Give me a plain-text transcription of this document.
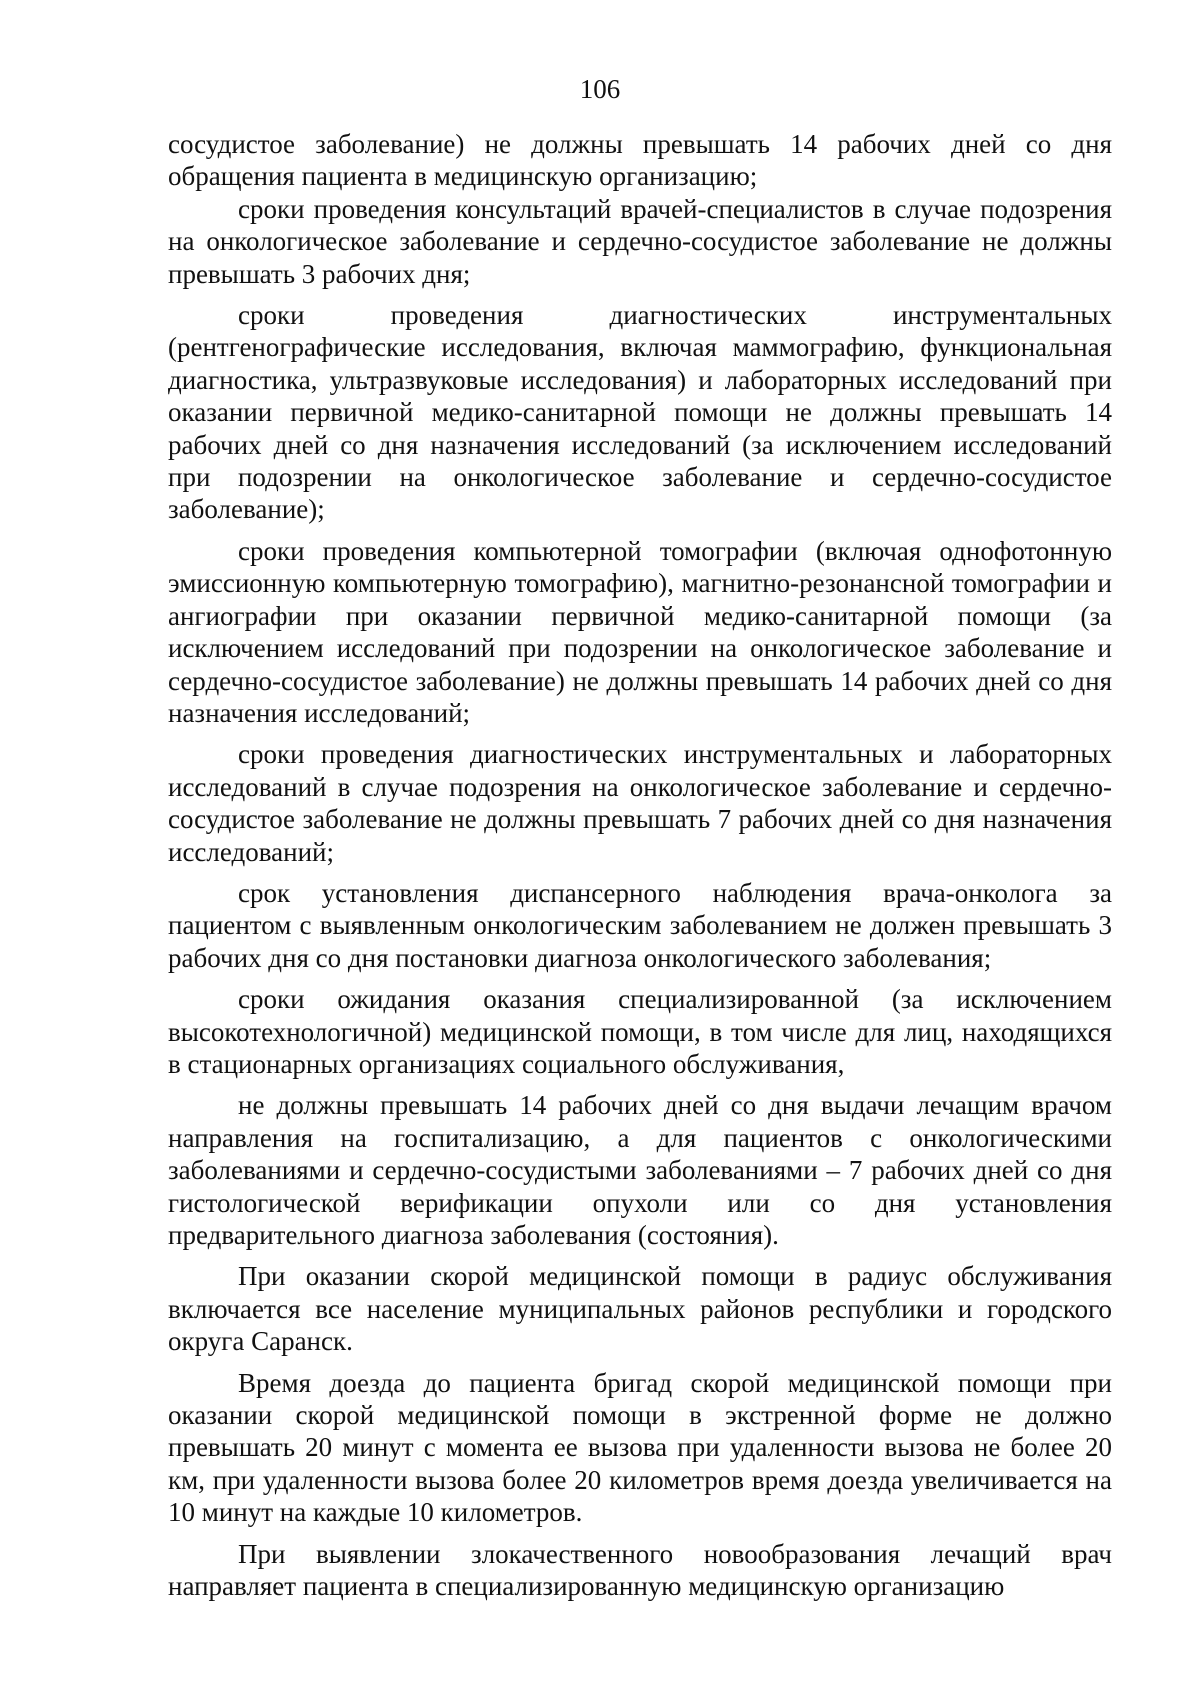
106

сосудистое заболевание) не должны превышать 14 рабочих дней со дня обращения пациента в медицинскую организацию;

сроки проведения консультаций врачей-специалистов в случае подозрения на онкологическое заболевание и сердечно-сосудистое заболевание не должны превышать 3 рабочих дня;

сроки проведения диагностических инструментальных (рентгенографические исследования, включая маммографию, функциональная диагностика, ультразвуковые исследования) и лабораторных исследований при оказании первичной медико-санитарной помощи не должны превышать 14 рабочих дней со дня назначения исследований (за исключением исследований при подозрении на онкологическое заболевание и сердечно-сосудистое заболевание);

сроки проведения компьютерной томографии (включая однофотонную эмиссионную компьютерную томографию), магнитно-резонансной томографии и ангиографии при оказании первичной медико-санитарной помощи (за исключением исследований при подозрении на онкологическое заболевание и сердечно-сосудистое заболевание) не должны превышать 14 рабочих дней со дня назначения исследований;

сроки проведения диагностических инструментальных и лабораторных исследований в случае подозрения на онкологическое заболевание и сердечно-сосудистое заболевание не должны превышать 7 рабочих дней со дня назначения исследований;

срок установления диспансерного наблюдения врача-онколога за пациентом с выявленным онкологическим заболеванием не должен превышать 3 рабочих дня со дня постановки диагноза онкологического заболевания;

сроки ожидания оказания специализированной (за исключением высокотехнологичной) медицинской помощи, в том числе для лиц, находящихся в стационарных организациях социального обслуживания,

не должны превышать 14 рабочих дней со дня выдачи лечащим врачом направления на госпитализацию, а для пациентов с онкологическими заболеваниями и сердечно-сосудистыми заболеваниями – 7 рабочих дней со дня гистологической верификации опухоли или со дня установления предварительного диагноза заболевания (состояния).

При оказании скорой медицинской помощи в радиус обслуживания включается все население муниципальных районов республики и городского округа Саранск.

Время доезда до пациента бригад скорой медицинской помощи при оказании скорой медицинской помощи в экстренной форме не должно превышать 20 минут с момента ее вызова при удаленности вызова не более 20 км, при удаленности вызова более 20 километров время доезда увеличивается на 10 минут на каждые 10 километров.

При выявлении злокачественного новообразования лечащий врач направляет пациента в специализированную медицинскую организацию
